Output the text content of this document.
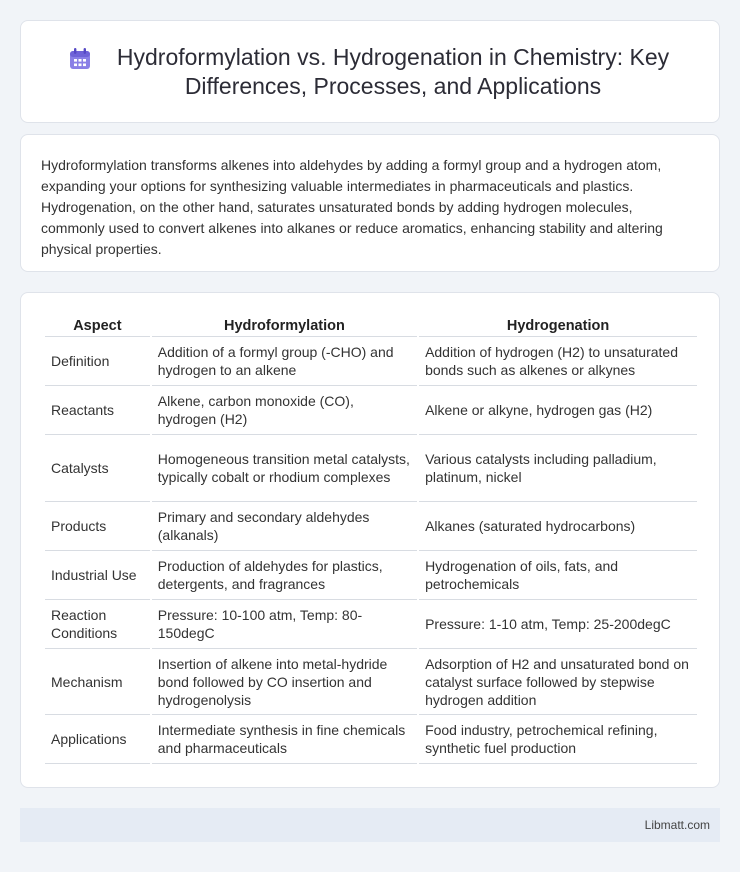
Hydroformylation vs. Hydrogenation in Chemistry: Key Differences, Processes, and Applications

Hydroformylation transforms alkenes into aldehydes by adding a formyl group and a hydrogen atom, expanding your options for synthesizing valuable intermediates in pharmaceuticals and plastics. Hydrogenation, on the other hand, saturates unsaturated bonds by adding hydrogen molecules, commonly used to convert alkenes into alkanes or reduce aromatics, enhancing stability and altering physical properties.

Aspect	Hydroformylation	Hydrogenation
Definition	Addition of a formyl group (-CHO) and hydrogen to an alkene	Addition of hydrogen (H2) to unsaturated bonds such as alkenes or alkynes
Reactants	Alkene, carbon monoxide (CO), hydrogen (H2)	Alkene or alkyne, hydrogen gas (H2)
Catalysts	Homogeneous transition metal catalysts, typically cobalt or rhodium complexes	Various catalysts including palladium, platinum, nickel
Products	Primary and secondary aldehydes (alkanals)	Alkanes (saturated hydrocarbons)
Industrial Use	Production of aldehydes for plastics, detergents, and fragrances	Hydrogenation of oils, fats, and petrochemicals
Reaction Conditions	Pressure: 10-100 atm, Temp: 80-150degC	Pressure: 1-10 atm, Temp: 25-200degC
Mechanism	Insertion of alkene into metal-hydride bond followed by CO insertion and hydrogenolysis	Adsorption of H2 and unsaturated bond on catalyst surface followed by stepwise hydrogen addition
Applications	Intermediate synthesis in fine chemicals and pharmaceuticals	Food industry, petrochemical refining, synthetic fuel production
Libmatt.com
